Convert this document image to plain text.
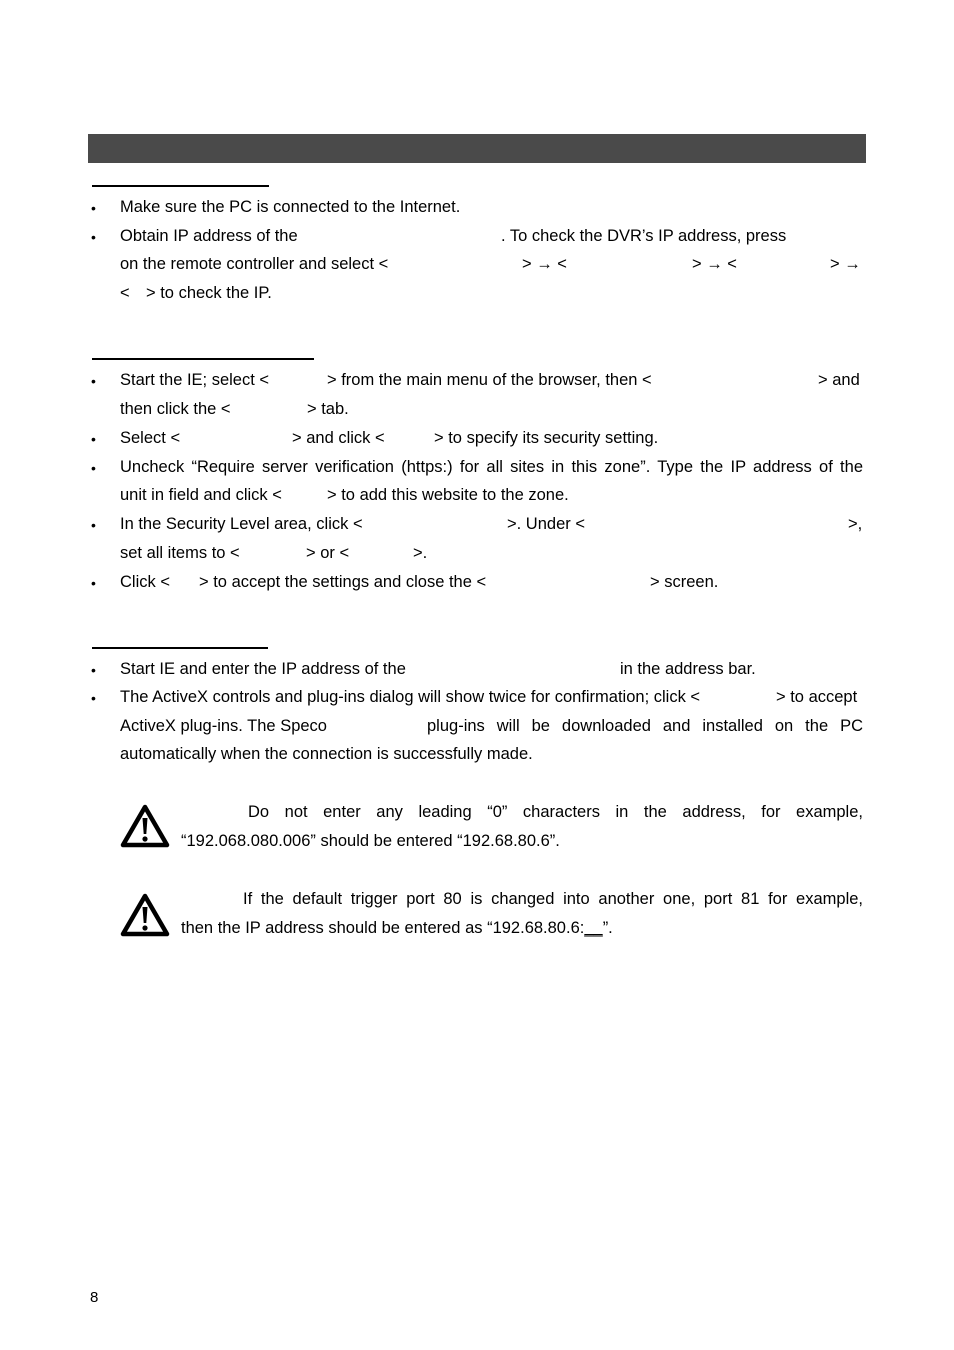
•	Make sure the PC is connected to the Internet.
•	Obtain IP address of the	. To check the DVR’s IP address, press
on the remote controller and select <	> → <	> → <	> →
< > to check the IP.
•	Start the IE; select <	> from the main menu of the browser, then <	> and
then click the <	> tab.
•	Select <	> and click <	> to specify its security setting.
•	Uncheck “Require server verification (https:) for all sites in this zone”. Type the IP address of the
unit in field and click <	> to add this website to the zone.
•	In the Security Level area, click <	>. Under <	>,
set all items to <	> or <	>.
•	Click < > to accept the settings and close the <	> screen.
•	Start IE and enter the IP address of the	in the address bar.
•	The ActiveX controls and plug-ins dialog will show twice for confirmation; click <	> to accept
ActiveX plug-ins. The Speco	plug-ins will be downloaded and installed on the PC
automatically when the connection is successfully made.
Do not enter any leading “0” characters in the address, for example,
“192.068.080.006” should be entered “192.68.80.6”.
If the default trigger port 80 is changed into another one, port 81 for example,
then the IP address should be entered as “192.68.80.6:__”.
8
